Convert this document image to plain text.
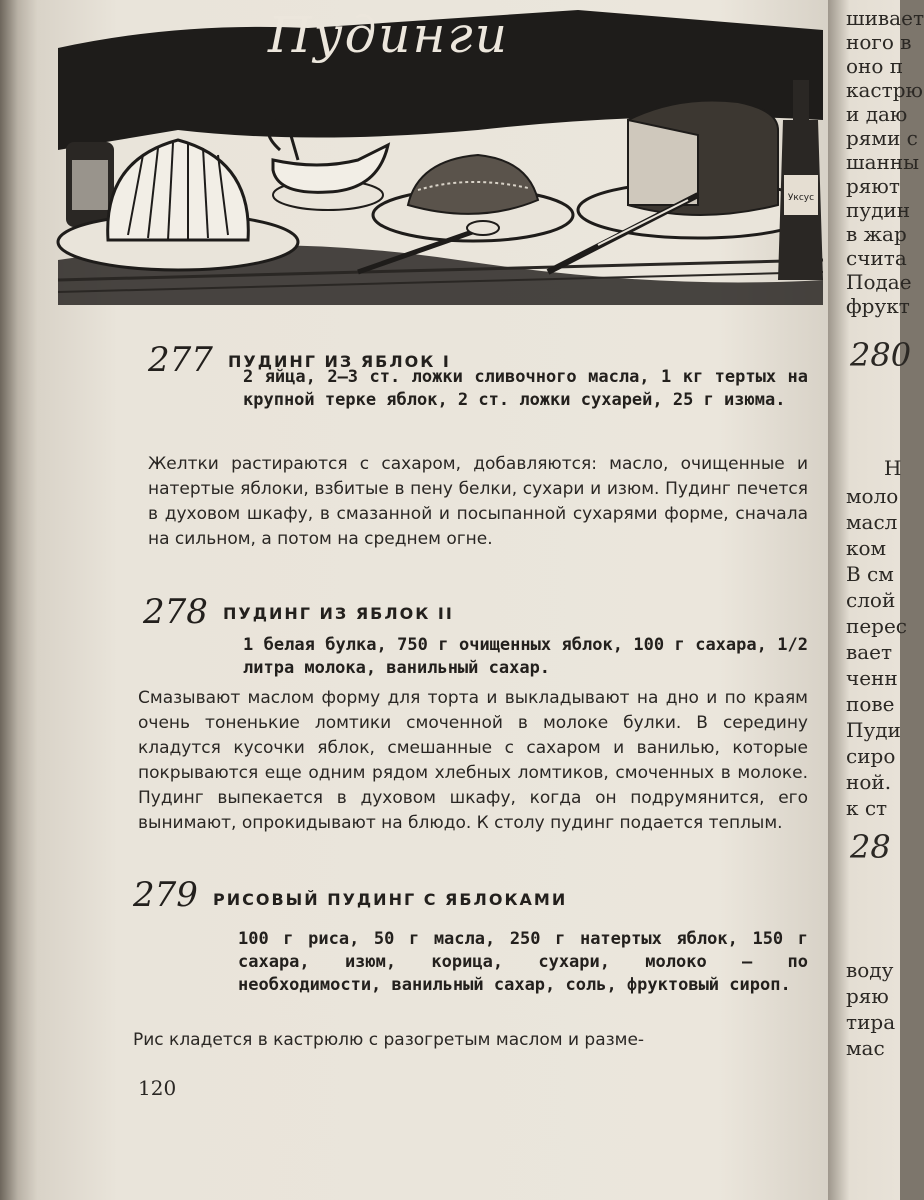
Уксус
Пудинги
277 ПУДИНГ ИЗ ЯБЛОК I
2 яйца, 2—3 ст. ложки сливочного масла, 1 кг тертых на крупной терке яблок, 2 ст. ложки сухарей, 25 г изюма.
Желтки растираются с сахаром, добавляются: масло, очищенные и натертые яблоки, взбитые в пену белки, сухари и изюм. Пудинг печется в духовом шкафу, в смазанной и посыпанной сухарями форме, сначала на сильном, а потом на среднем огне.
278 ПУДИНГ ИЗ ЯБЛОК II
1 белая булка, 750 г очищенных яблок, 100 г сахара, 1/2 литра молока, ванильный сахар.
Смазывают маслом форму для торта и выкладывают на дно и по краям очень тоненькие ломтики смоченной в молоке булки. В середину кладутся кусочки яблок, смешанные с сахаром и ванилью, которые покрываются еще одним рядом хлебных ломтиков, смоченных в молоке. Пудинг выпекается в духовом шкафу, когда он подрумянится, его вынимают, опрокидывают на блюдо. К столу пудинг подается теплым.
279 РИСОВЫЙ ПУДИНГ С ЯБЛОКАМИ
100 г риса, 50 г масла, 250 г натертых яблок, 150 г сахара, изюм, корица, сухари, молоко — по необходимости, ванильный сахар, соль, фруктовый сироп.
Рис кладется в кастрюлю с разогретым маслом и разме-
120
шивает
ного в
оно п
кастрю
и даю
рями с
шанны
ряют
пудин
в жар
счита
Подае
фрукт
280
Н
моло
масл
ком
В см
слой
перес
вает
ченн
пове
Пуди
сиро
ной.
к ст
28
воду
ряю
тира
мас
